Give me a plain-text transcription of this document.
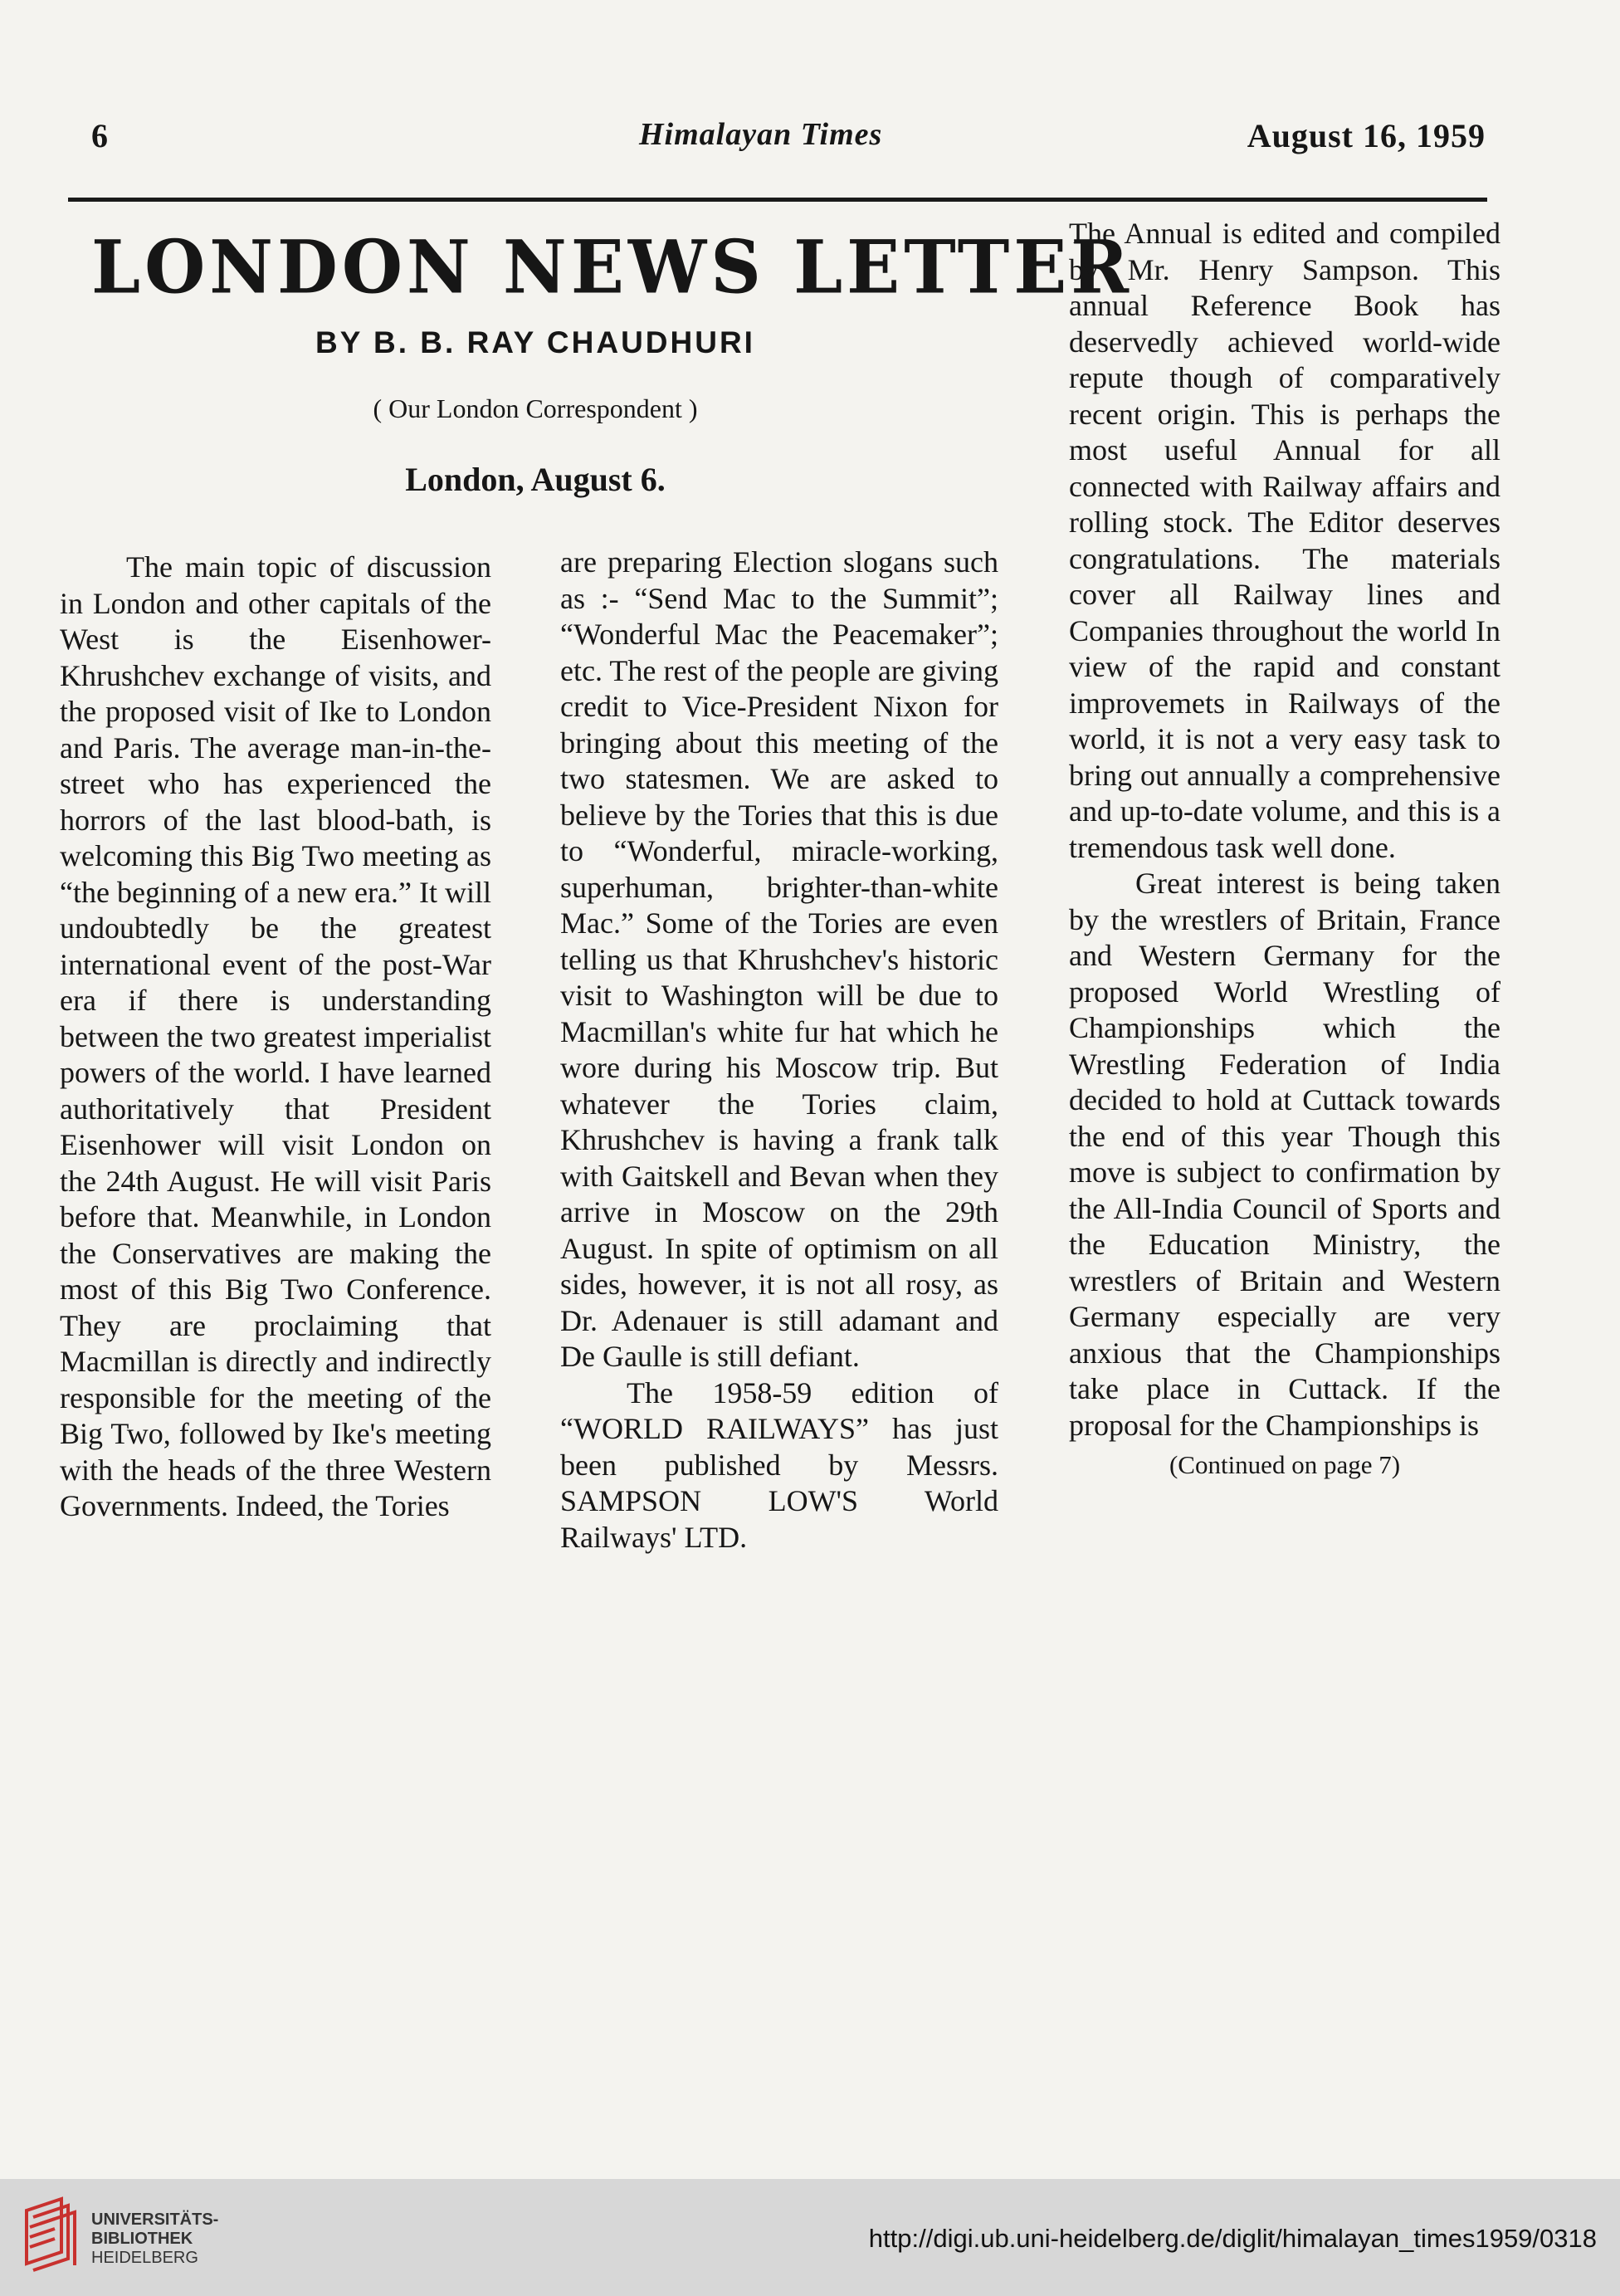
6	Himalayan Times	August 16, 1959
LONDON NEWS LETTER
BY B. B. RAY CHAUDHURI
( Our London Correspondent )
London, August 6.

The main topic of discussion in London and other capitals of the West is the Eisenhower-Khrushchev exchange of visits, and the proposed visit of Ike to London and Paris. The average man-in-the-street who has experienced the horrors of the last blood-bath, is welcoming this Big Two meeting as “the beginning of a new era.” It will undoubtedly be the greatest international event of the post-War era if there is understanding between the two greatest imperialist powers of the world. I have learned authoritatively that President Eisenhower will visit London on the 24th August. He will visit Paris before that. Meanwhile, in London the Conservatives are making the most of this Big Two Conference. They are proclaiming that Macmillan is directly and indirectly responsible for the meeting of the Big Two, followed by Ike's meeting with the heads of the three Western Governments. Indeed, the Tories

are preparing Election slogans such as :- “Send Mac to the Summit”; “Wonderful Mac the Peacemaker”; etc. The rest of the people are giving credit to Vice-President Nixon for bringing about this meeting of the two statesmen. We are asked to believe by the Tories that this is due to “Wonderful, miracle-working, superhuman, brighter-than-white Mac.” Some of the Tories are even telling us that Khrushchev's historic visit to Washington will be due to Macmillan's white fur hat which he wore during his Moscow trip. But whatever the Tories claim, Khrushchev is having a frank talk with Gaitskell and Bevan when they arrive in Moscow on the 29th August. In spite of optimism on all sides, however, it is not all rosy, as Dr. Adenauer is still adamant and De Gaulle is still defiant.

The 1958-59 edition of “WORLD RAILWAYS” has just been published by Messrs. SAMPSON LOW'S World Railways' LTD.

The Annual is edited and compiled by Mr. Henry Sampson. This annual Reference Book has deservedly achieved world-wide repute though of comparatively recent origin. This is perhaps the most useful Annual for all connected with Railway affairs and rolling stock. The Editor deserves congratulations. The materials cover all Railway lines and Companies throughout the world In view of the rapid and constant improvemets in Railways of the world, it is not a very easy task to bring out annually a comprehensive and up-to-date volume, and this is a tremendous task well done.

Great interest is being taken by the wrestlers of Britain, France and Western Germany for the proposed World Wrestling of Championships which the Wrestling Federation of India decided to hold at Cuttack towards the end of this year Though this move is subject to confirmation by the All-India Council of Sports and the Education Ministry, the wrestlers of Britain and Western Germany especially are very anxious that the Championships take place in Cuttack. If the proposal for the Championships is

(Continued on page 7)
UNIVERSITÄTS-
BIBLIOTHEK
HEIDELBERG
http://digi.ub.uni-heidelberg.de/diglit/himalayan_times1959/0318
